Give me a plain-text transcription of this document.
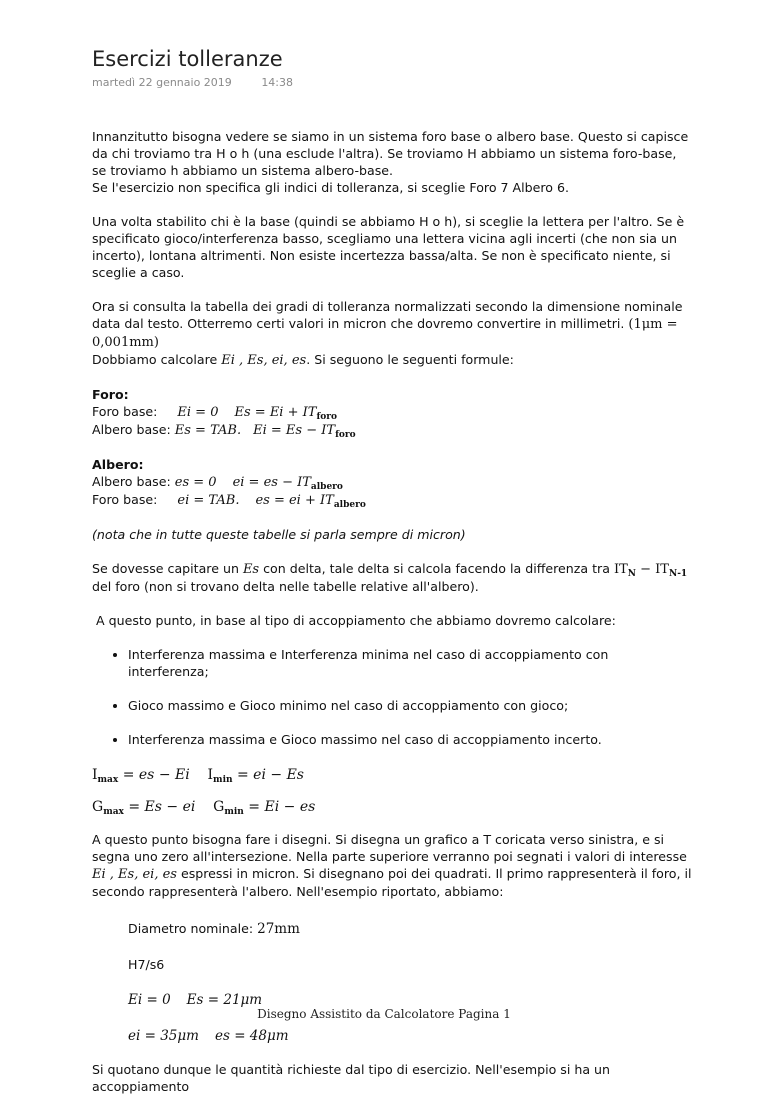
Esercizi tolleranze
martedì 22 gennaio 2019	14:38

Innanzitutto bisogna vedere se siamo in un sistema foro base o albero base. Questo si capisce da chi troviamo tra H o h (una esclude l'altra). Se troviamo H abbiamo un sistema foro-base, se troviamo h abbiamo un sistema albero-base.

Se l'esercizio non specifica gli indici di tolleranza, si sceglie Foro 7 Albero 6.

Una volta stabilito chi è la base (quindi se abbiamo H o h), si sceglie la lettera per l'altro. Se è specificato gioco/interferenza basso, scegliamo una lettera vicina agli incerti (che non sia un incerto), lontana altrimenti. Non esiste incertezza bassa/alta. Se non è specificato niente, si sceglie a caso.

Ora si consulta la tabella dei gradi di tolleranza normalizzati secondo la dimensione nominale data dal testo. Otterremo certi valori in micron che dovremo convertire in millimetri. (1μm = 0,001mm)
Dobbiamo calcolare Ei , Es, ei, es. Si seguono le seguenti formule:

Foro:

Foro base: Ei = 0 $Es = Ei + IT_{foro}$

Albero base: Es = TAB. $Ei = Es - IT_{foro}$

Albero:

Albero base: es = 0 ei = es − $IT_{albero}$

Foro base: ei = TAB. es = ei + $IT_{albero}$

(nota che in tutte queste tabelle si parla sempre di micron)

Se dovesse capitare un Es con delta, tale delta si calcola facendo la differenza tra $IT_N - IT_{N-1}$ del foro (non si trovano delta nelle tabelle relative all'albero).

A questo punto, in base al tipo di accoppiamento che abbiamo dovremo calcolare:

• Interferenza massima e Interferenza minima nel caso di accoppiamento con interferenza;
• Gioco massimo e Gioco minimo nel caso di accoppiamento con gioco;
• Interferenza massima e Gioco massimo nel caso di accoppiamento incerto.

$I_{max}$ = es − Ei $I_{min}$ = ei − Es

$G_{max} = Es$ − ei $G_{min} = Ei$ − es

A questo punto bisogna fare i disegni. Si disegna un grafico a T coricata verso sinistra, e si segna uno zero all'intersezione. Nella parte superiore verranno poi segnati i valori di interesse Ei , Es, ei, es espressi in micron. Si disegnano poi dei quadrati. Il primo rappresenterà il foro, il secondo rappresenterà l'albero. Nell'esempio riportato, abbiamo:

Diametro nominale: 27mm

H7/s6

Ei = 0 Es = 21μm

ei = 35μm es = 48μm

Si quotano dunque le quantità richieste dal tipo di esercizio. Nell'esempio si ha un accoppiamento

Disegno Assistito da Calcolatore Pagina 1
